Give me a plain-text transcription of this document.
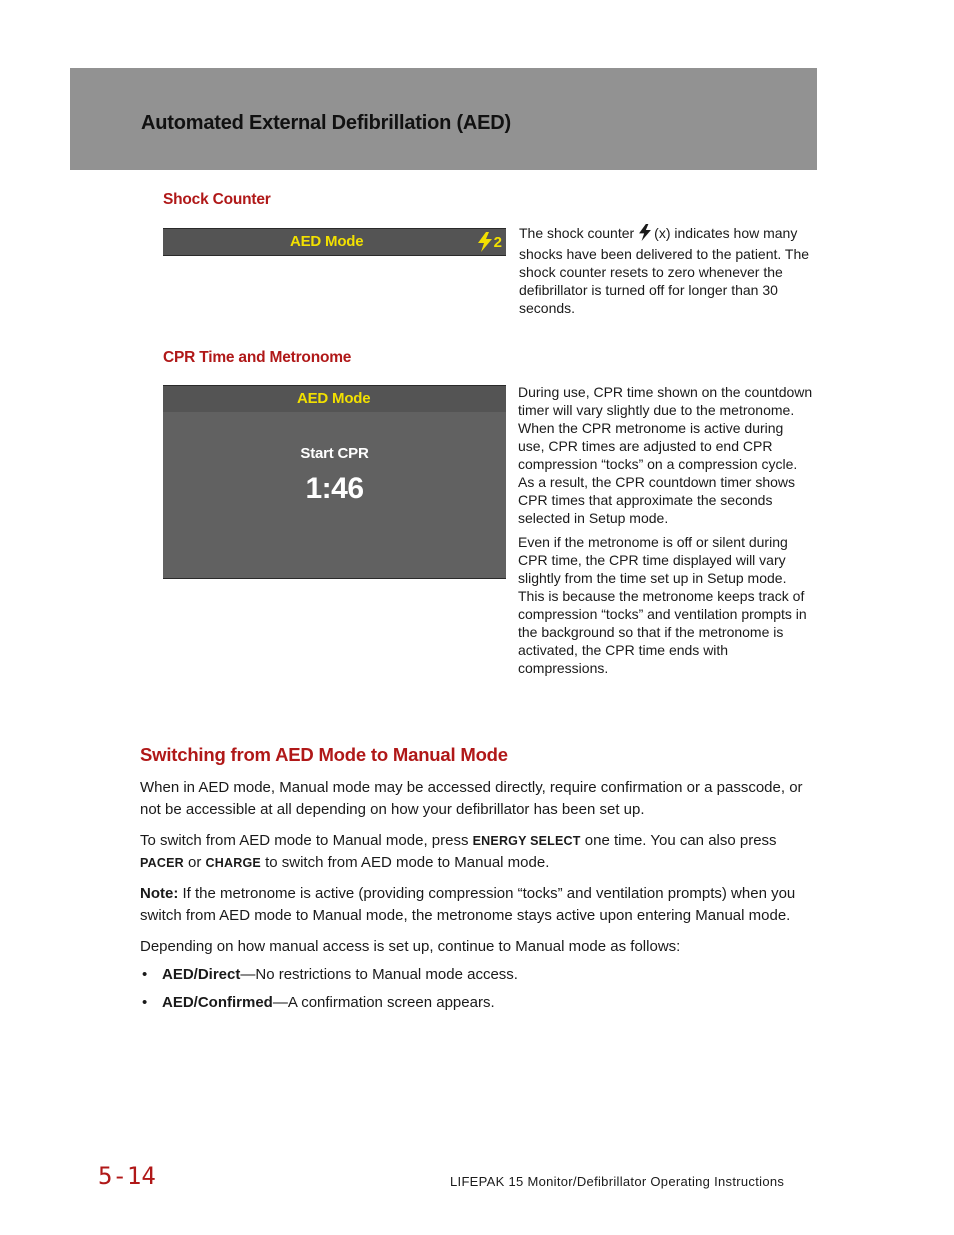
Automated External Defibrillation (AED)
Shock Counter
AED Mode	2

The shock counter (x) indicates how many shocks have been delivered to the patient. The shock counter resets to zero whenever the defibrillator is turned off for longer than 30 seconds.

CPR Time and Metronome
AED Mode
Start CPR
1:46

During use, CPR time shown on the countdown timer will vary slightly due to the metronome. When the CPR metronome is active during use, CPR times are adjusted to end CPR compression “tocks” on a compression cycle. As a result, the CPR countdown timer shows CPR times that approximate the seconds selected in Setup mode.

Even if the metronome is off or silent during CPR time, the CPR time displayed will vary slightly from the time set up in Setup mode. This is because the metronome keeps track of compression “tocks” and ventilation prompts in the background so that if the metronome is activated, the CPR time ends with compressions.

Switching from AED Mode to Manual Mode
When in AED mode, Manual mode may be accessed directly, require confirmation or a passcode, or not be accessible at all depending on how your defibrillator has been set up.
To switch from AED mode to Manual mode, press ENERGY SELECT one time. You can also press PACER or CHARGE to switch from AED mode to Manual mode.
Note: If the metronome is active (providing compression “tocks” and ventilation prompts) when you switch from AED mode to Manual mode, the metronome stays active upon entering Manual mode.
Depending on how manual access is set up, continue to Manual mode as follows:
• AED/Direct—No restrictions to Manual mode access.
• AED/Confirmed—A confirmation screen appears.
5-14	LIFEPAK 15 Monitor/Defibrillator Operating Instructions
